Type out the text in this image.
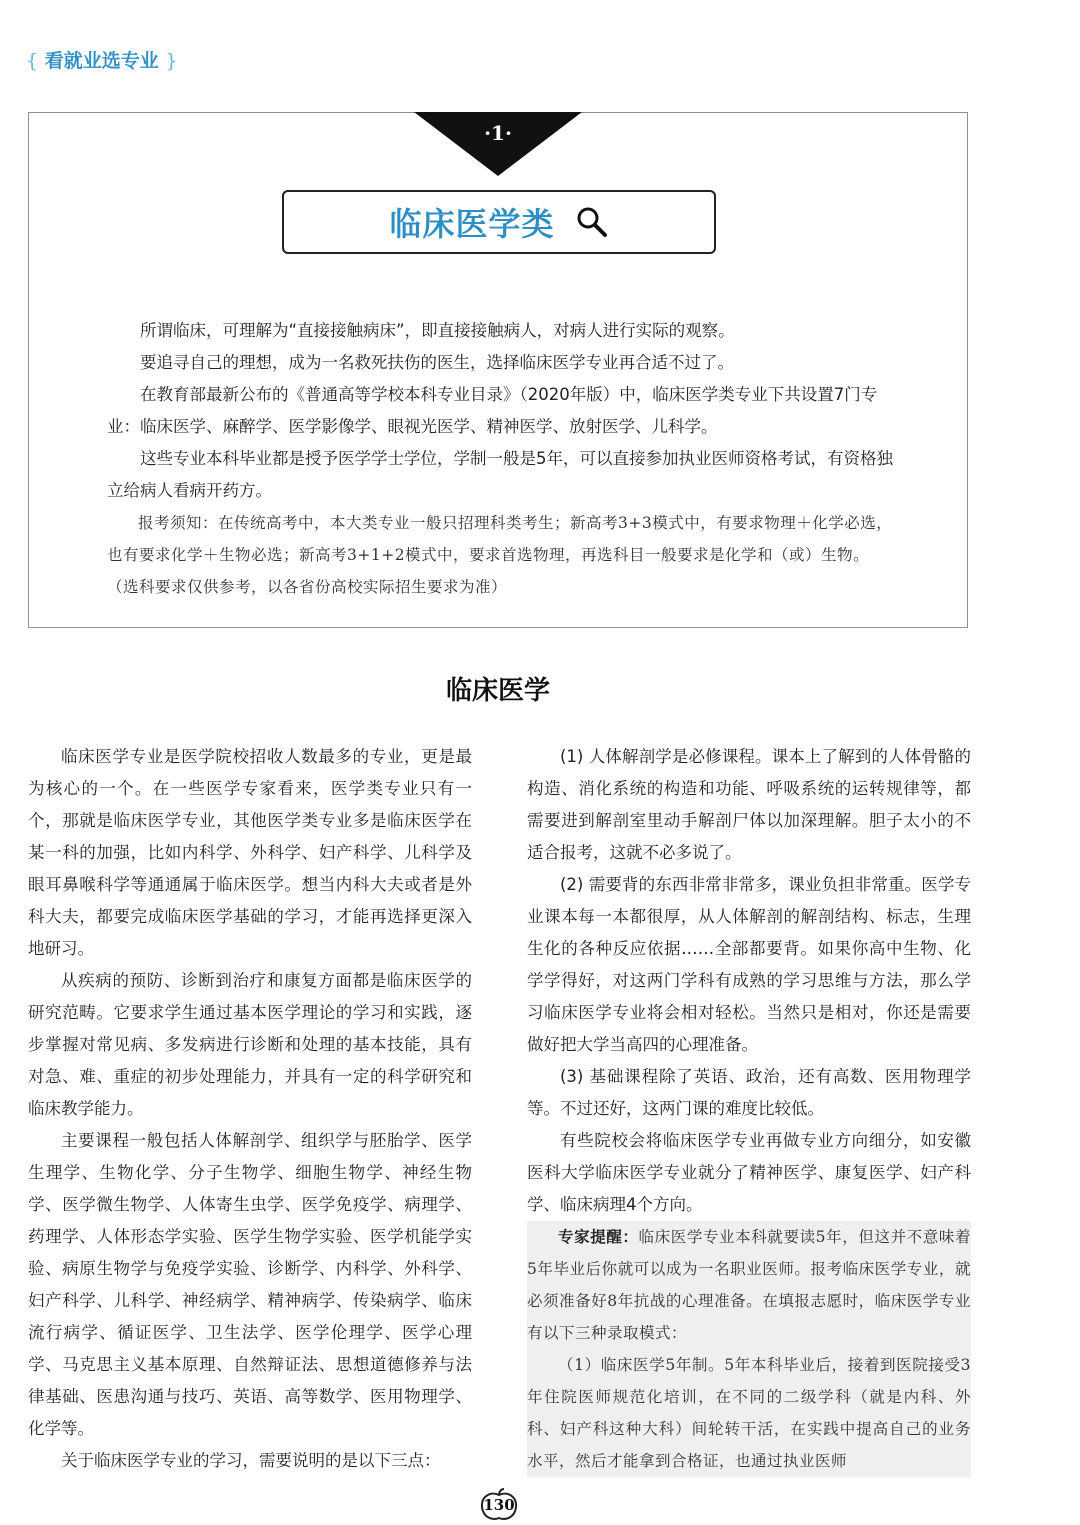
{ 看就业选专业 }
·1·
临床医学类

所谓临床，可理解为“直接接触病床”，即直接接触病人，对病人进行实际的观察。

要追寻自己的理想，成为一名救死扶伤的医生，选择临床医学专业再合适不过了。

在教育部最新公布的《普通高等学校本科专业目录》（2020年版）中，临床医学类专业下共设置7门专业：临床医学、麻醉学、医学影像学、眼视光医学、精神医学、放射医学、儿科学。

这些专业本科毕业都是授予医学学士学位，学制一般是5年，可以直接参加执业医师资格考试，有资格独立给病人看病开药方。

报考须知：在传统高考中，本大类专业一般只招理科类考生；新高考3+3模式中，有要求物理＋化学必选，也有要求化学＋生物必选；新高考3+1+2模式中，要求首选物理，再选科目一般要求是化学和（或）生物。（选科要求仅供参考，以各省份高校实际招生要求为准）

临床医学

临床医学专业是医学院校招收人数最多的专业，更是最为核心的一个。在一些医学专家看来，医学类专业只有一个，那就是临床医学专业，其他医学类专业多是临床医学在某一科的加强，比如内科学、外科学、妇产科学、儿科学及眼耳鼻喉科学等通通属于临床医学。想当内科大夫或者是外科大夫，都要完成临床医学基础的学习，才能再选择更深入地研习。

从疾病的预防、诊断到治疗和康复方面都是临床医学的研究范畴。它要求学生通过基本医学理论的学习和实践，逐步掌握对常见病、多发病进行诊断和处理的基本技能，具有对急、难、重症的初步处理能力，并具有一定的科学研究和临床教学能力。

主要课程一般包括人体解剖学、组织学与胚胎学、医学生理学、生物化学、分子生物学、细胞生物学、神经生物学、医学微生物学、人体寄生虫学、医学免疫学、病理学、药理学、人体形态学实验、医学生物学实验、医学机能学实验、病原生物学与免疫学实验、诊断学、内科学、外科学、妇产科学、儿科学、神经病学、精神病学、传染病学、临床流行病学、循证医学、卫生法学、医学伦理学、医学心理学、马克思主义基本原理、自然辩证法、思想道德修养与法律基础、医患沟通与技巧、英语、高等数学、医用物理学、化学等。

关于临床医学专业的学习，需要说明的是以下三点：

(1) 人体解剖学是必修课程。课本上了解到的人体骨骼的构造、消化系统的构造和功能、呼吸系统的运转规律等，都需要进到解剖室里动手解剖尸体以加深理解。胆子太小的不适合报考，这就不必多说了。

(2) 需要背的东西非常非常多，课业负担非常重。医学专业课本每一本都很厚，从人体解剖的解剖结构、标志，生理生化的各种反应依据……全部都要背。如果你高中生物、化学学得好，对这两门学科有成熟的学习思维与方法，那么学习临床医学专业将会相对轻松。当然只是相对，你还是需要做好把大学当高四的心理准备。

(3) 基础课程除了英语、政治，还有高数、医用物理学等。不过还好，这两门课的难度比较低。

有些院校会将临床医学专业再做专业方向细分，如安徽医科大学临床医学专业就分了精神医学、康复医学、妇产科学、临床病理4个方向。

专家提醒：临床医学专业本科就要读5年，但这并不意味着5年毕业后你就可以成为一名职业医师。报考临床医学专业，就必须准备好8年抗战的心理准备。在填报志愿时，临床医学专业有以下三种录取模式：

（1）临床医学5年制。5年本科毕业后，接着到医院接受3年住院医师规范化培训，在不同的二级学科（就是内科、外科、妇产科这种大科）间轮转干活，在实践中提高自己的业务水平，然后才能拿到合格证，也通过执业医师

130
